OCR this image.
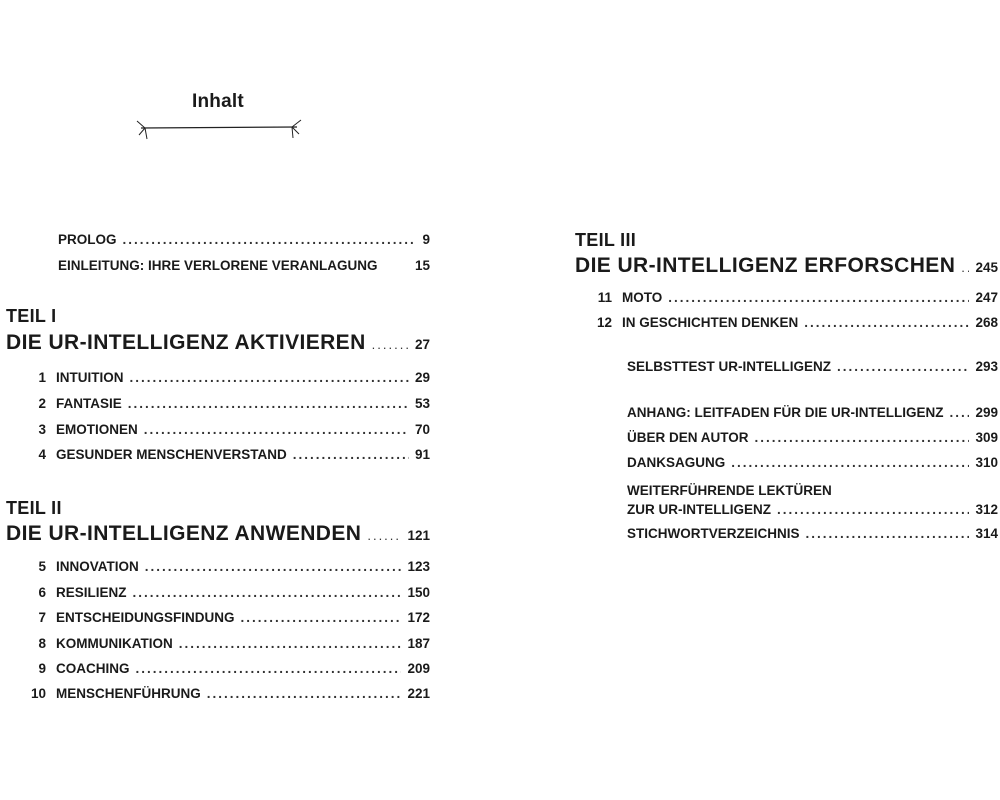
Inhalt
PROLOG .....	9
EINLEITUNG: IHRE VERLORENE VERANLAGUNG	15
TEIL I
DIE UR-INTELLIGENZ AKTIVIEREN .....	27
1 INTUITION .....	29
2 FANTASIE .....	53
3 EMOTIONEN .....	70
4 GESUNDER MENSCHENVERSTAND .....	91
TEIL II
DIE UR-INTELLIGENZ ANWENDEN .....	121
5 INNOVATION .....	123
6 RESILIENZ .....	150
7 ENTSCHEIDUNGSFINDUNG .....	172
8 KOMMUNIKATION .....	187
9 COACHING .....	209
10 MENSCHENFÜHRUNG .....	221
TEIL III
DIE UR-INTELLIGENZ ERFORSCHEN ..... 245
11 MOTO .....	247
12 IN GESCHICHTEN DENKEN .....	268
SELBSTTEST UR-INTELLIGENZ .....	293
ANHANG: LEITFADEN FÜR DIE UR-INTELLIGENZ ..... 299
ÜBER DEN AUTOR .....	309
DANKSAGUNG .....	310
WEITERFÜHRENDE LEKTÜREN
ZUR UR-INTELLIGENZ .....	312
STICHWORTVERZEICHNIS .....	314
